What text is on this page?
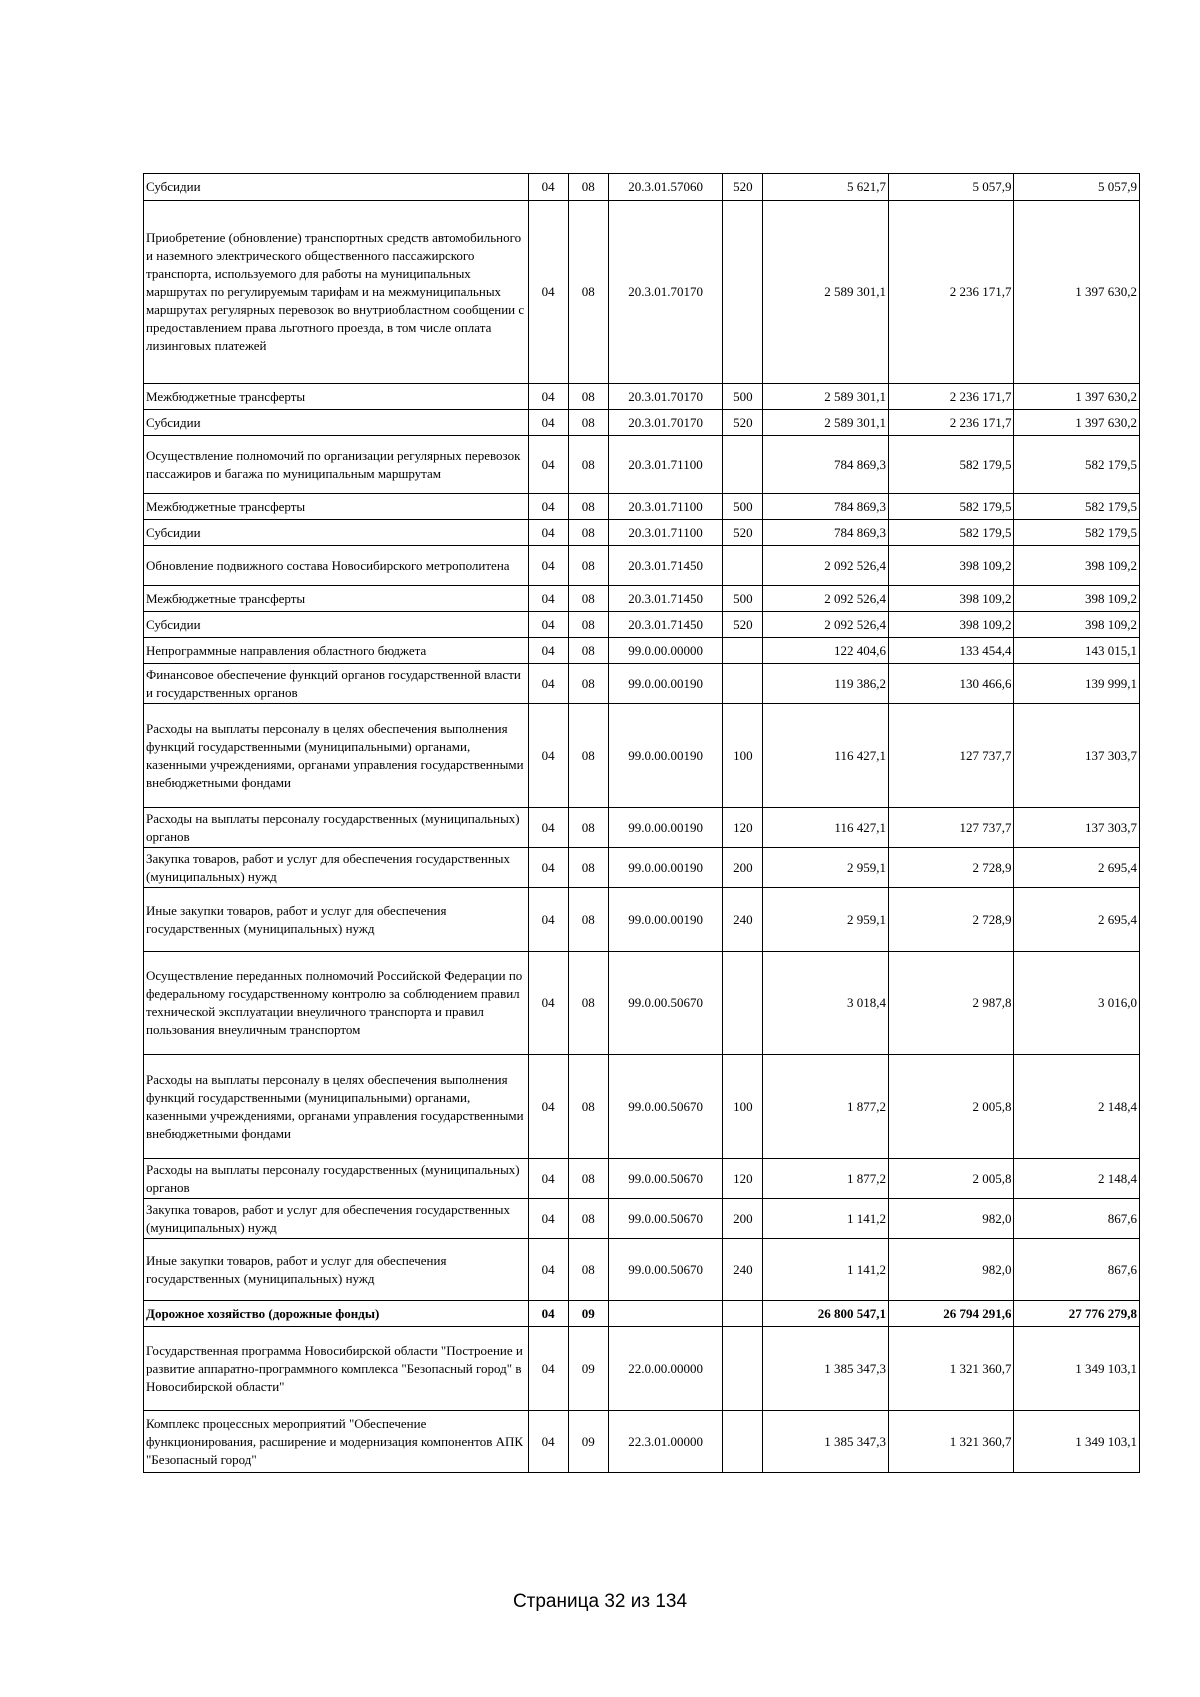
Субсидии	04	08	20.3.01.57060	520	5 621,7	5 057,9	5 057,9
Приобретение (обновление) транспортных средств автомобильного и наземного электрического общественного пассажирского транспорта, используемого для работы на муниципальных маршрутах по регулируемым тарифам и на межмуниципальных маршрутах регулярных перевозок во внутриобластном сообщении с предоставлением права льготного проезда, в том числе оплата лизинговых платежей	04	08	20.3.01.70170		2 589 301,1	2 236 171,7	1 397 630,2
Межбюджетные трансферты	04	08	20.3.01.70170	500	2 589 301,1	2 236 171,7	1 397 630,2
Субсидии	04	08	20.3.01.70170	520	2 589 301,1	2 236 171,7	1 397 630,2
Осуществление полномочий по организации регулярных перевозок пассажиров и багажа по муниципальным маршрутам	04	08	20.3.01.71100		784 869,3	582 179,5	582 179,5
Межбюджетные трансферты	04	08	20.3.01.71100	500	784 869,3	582 179,5	582 179,5
Субсидии	04	08	20.3.01.71100	520	784 869,3	582 179,5	582 179,5
Обновление подвижного состава Новосибирского метрополитена	04	08	20.3.01.71450		2 092 526,4	398 109,2	398 109,2
Межбюджетные трансферты	04	08	20.3.01.71450	500	2 092 526,4	398 109,2	398 109,2
Субсидии	04	08	20.3.01.71450	520	2 092 526,4	398 109,2	398 109,2
Непрограммные направления областного бюджета	04	08	99.0.00.00000		122 404,6	133 454,4	143 015,1
Финансовое обеспечение функций органов государственной власти и государственных органов	04	08	99.0.00.00190		119 386,2	130 466,6	139 999,1
Расходы на выплаты персоналу в целях обеспечения выполнения функций государственными (муниципальными) органами, казенными учреждениями, органами управления государственными внебюджетными фондами	04	08	99.0.00.00190	100	116 427,1	127 737,7	137 303,7
Расходы на выплаты персоналу государственных (муниципальных) органов	04	08	99.0.00.00190	120	116 427,1	127 737,7	137 303,7
Закупка товаров, работ и услуг для обеспечения государственных (муниципальных) нужд	04	08	99.0.00.00190	200	2 959,1	2 728,9	2 695,4
Иные закупки товаров, работ и услуг для обеспечения государственных (муниципальных) нужд	04	08	99.0.00.00190	240	2 959,1	2 728,9	2 695,4
Осуществление переданных полномочий Российской Федерации по федеральному государственному контролю за соблюдением правил технической эксплуатации внеуличного транспорта и правил пользования внеуличным транспортом	04	08	99.0.00.50670		3 018,4	2 987,8	3 016,0
Расходы на выплаты персоналу в целях обеспечения выполнения функций государственными (муниципальными) органами, казенными учреждениями, органами управления государственными внебюджетными фондами	04	08	99.0.00.50670	100	1 877,2	2 005,8	2 148,4
Расходы на выплаты персоналу государственных (муниципальных) органов	04	08	99.0.00.50670	120	1 877,2	2 005,8	2 148,4
Закупка товаров, работ и услуг для обеспечения государственных (муниципальных) нужд	04	08	99.0.00.50670	200	1 141,2	982,0	867,6
Иные закупки товаров, работ и услуг для обеспечения государственных (муниципальных) нужд	04	08	99.0.00.50670	240	1 141,2	982,0	867,6
Дорожное хозяйство (дорожные фонды)	04	09			26 800 547,1	26 794 291,6	27 776 279,8
Государственная программа Новосибирской области "Построение и развитие аппаратно-программного комплекса "Безопасный город" в Новосибирской области"	04	09	22.0.00.00000		1 385 347,3	1 321 360,7	1 349 103,1
Комплекс процессных мероприятий "Обеспечение функционирования, расширение и модернизация компонентов АПК "Безопасный город"	04	09	22.3.01.00000		1 385 347,3	1 321 360,7	1 349 103,1
Страница 32 из 134
